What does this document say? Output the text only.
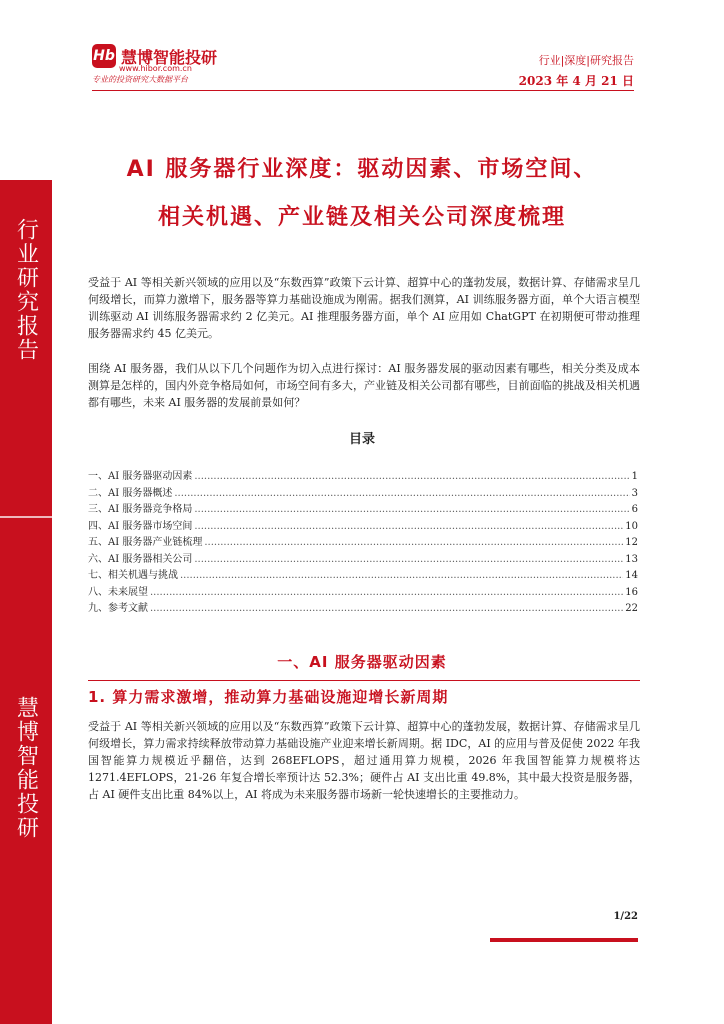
Hb 慧博智能投研
www.hibor.com.cn
专业的投资研究大数据平台
行业|深度|研究报告
2023 年 4 月 21 日
行业研究报告
慧博智能投研
AI 服务器行业深度：驱动因素、市场空间、
相关机遇、产业链及相关公司深度梳理
受益于 AI 等相关新兴领域的应用以及“东数西算”政策下云计算、超算中心的蓬勃发展，数据计算、存储需求呈几何级增长，而算力激增下，服务器等算力基础设施成为刚需。据我们测算，AI 训练服务器方面，单个大语言模型训练驱动 AI 训练服务器需求约 2 亿美元。AI 推理服务器方面，单个 AI 应用如 ChatGPT 在初期便可带动推理服务器需求约 45 亿美元。
围绕 AI 服务器，我们从以下几个问题作为切入点进行探讨：AI 服务器发展的驱动因素有哪些，相关分类及成本测算是怎样的，国内外竞争格局如何，市场空间有多大，产业链及相关公司都有哪些，目前面临的挑战及相关机遇都有哪些，未来 AI 服务器的发展前景如何？
目录
一、AI 服务器驱动因素 .....	1
二、AI 服务器概述 .....	3
三、AI 服务器竞争格局 .....	6
四、AI 服务器市场空间 .....	10
五、AI 服务器产业链梳理 .....	12
六、AI 服务器相关公司 .....	13
七、相关机遇与挑战 .....	14
八、未来展望 .....	16
九、参考文献 .....	22
一、AI 服务器驱动因素
1. 算力需求激增，推动算力基础设施迎增长新周期
受益于 AI 等相关新兴领域的应用以及“东数西算”政策下云计算、超算中心的蓬勃发展，数据计算、存储需求呈几何级增长，算力需求持续释放带动算力基础设施产业迎来增长新周期。据 IDC，AI 的应用与普及促使 2022 年我国智能算力规模近乎翻倍，达到 268EFLOPS，超过通用算力规模，2026 年我国智能算力规模将达 1271.4EFLOPS，21-26 年复合增长率预计达 52.3%；硬件占 AI 支出比重 49.8%，其中最大投资是服务器，占 AI 硬件支出比重 84%以上，AI 将成为未来服务器市场新一轮快速增长的主要推动力。
1/22
